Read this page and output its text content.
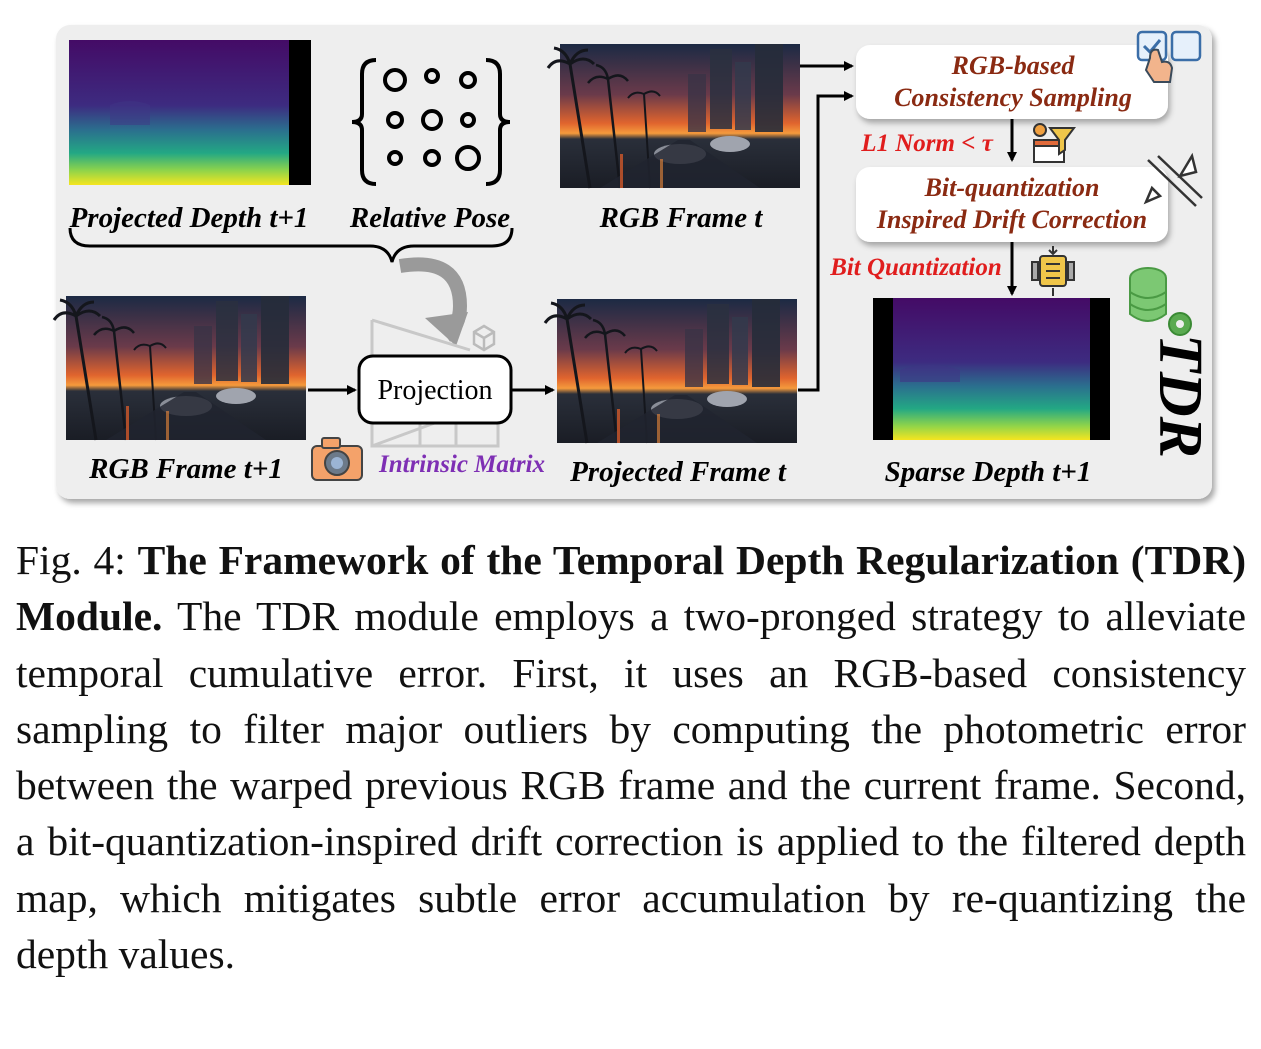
Projected Depth t+1 Relative Pose	RGB Frame t
RGB Frame t+1
Projection
Intrinsic Matrix Projected Frame t
RGB-based
Consistency Sampling
L1 Norm < τ
Bit-quantization
Inspired Drift Correction
Bit Quantization
Sparse Depth t+1
TDR

Fig. 4: The Framework of the Temporal Depth Regularization (TDR) Module. The TDR module employs a two-pronged strategy to alleviate temporal cumulative error. First, it uses an RGB-based consistency sampling to filter major outliers by computing the photometric error between the warped previous RGB frame and the current frame. Second, a bit-quantization-inspired drift correction is applied to the filtered depth map, which mitigates subtle error accumulation by re-quantizing the depth values.
